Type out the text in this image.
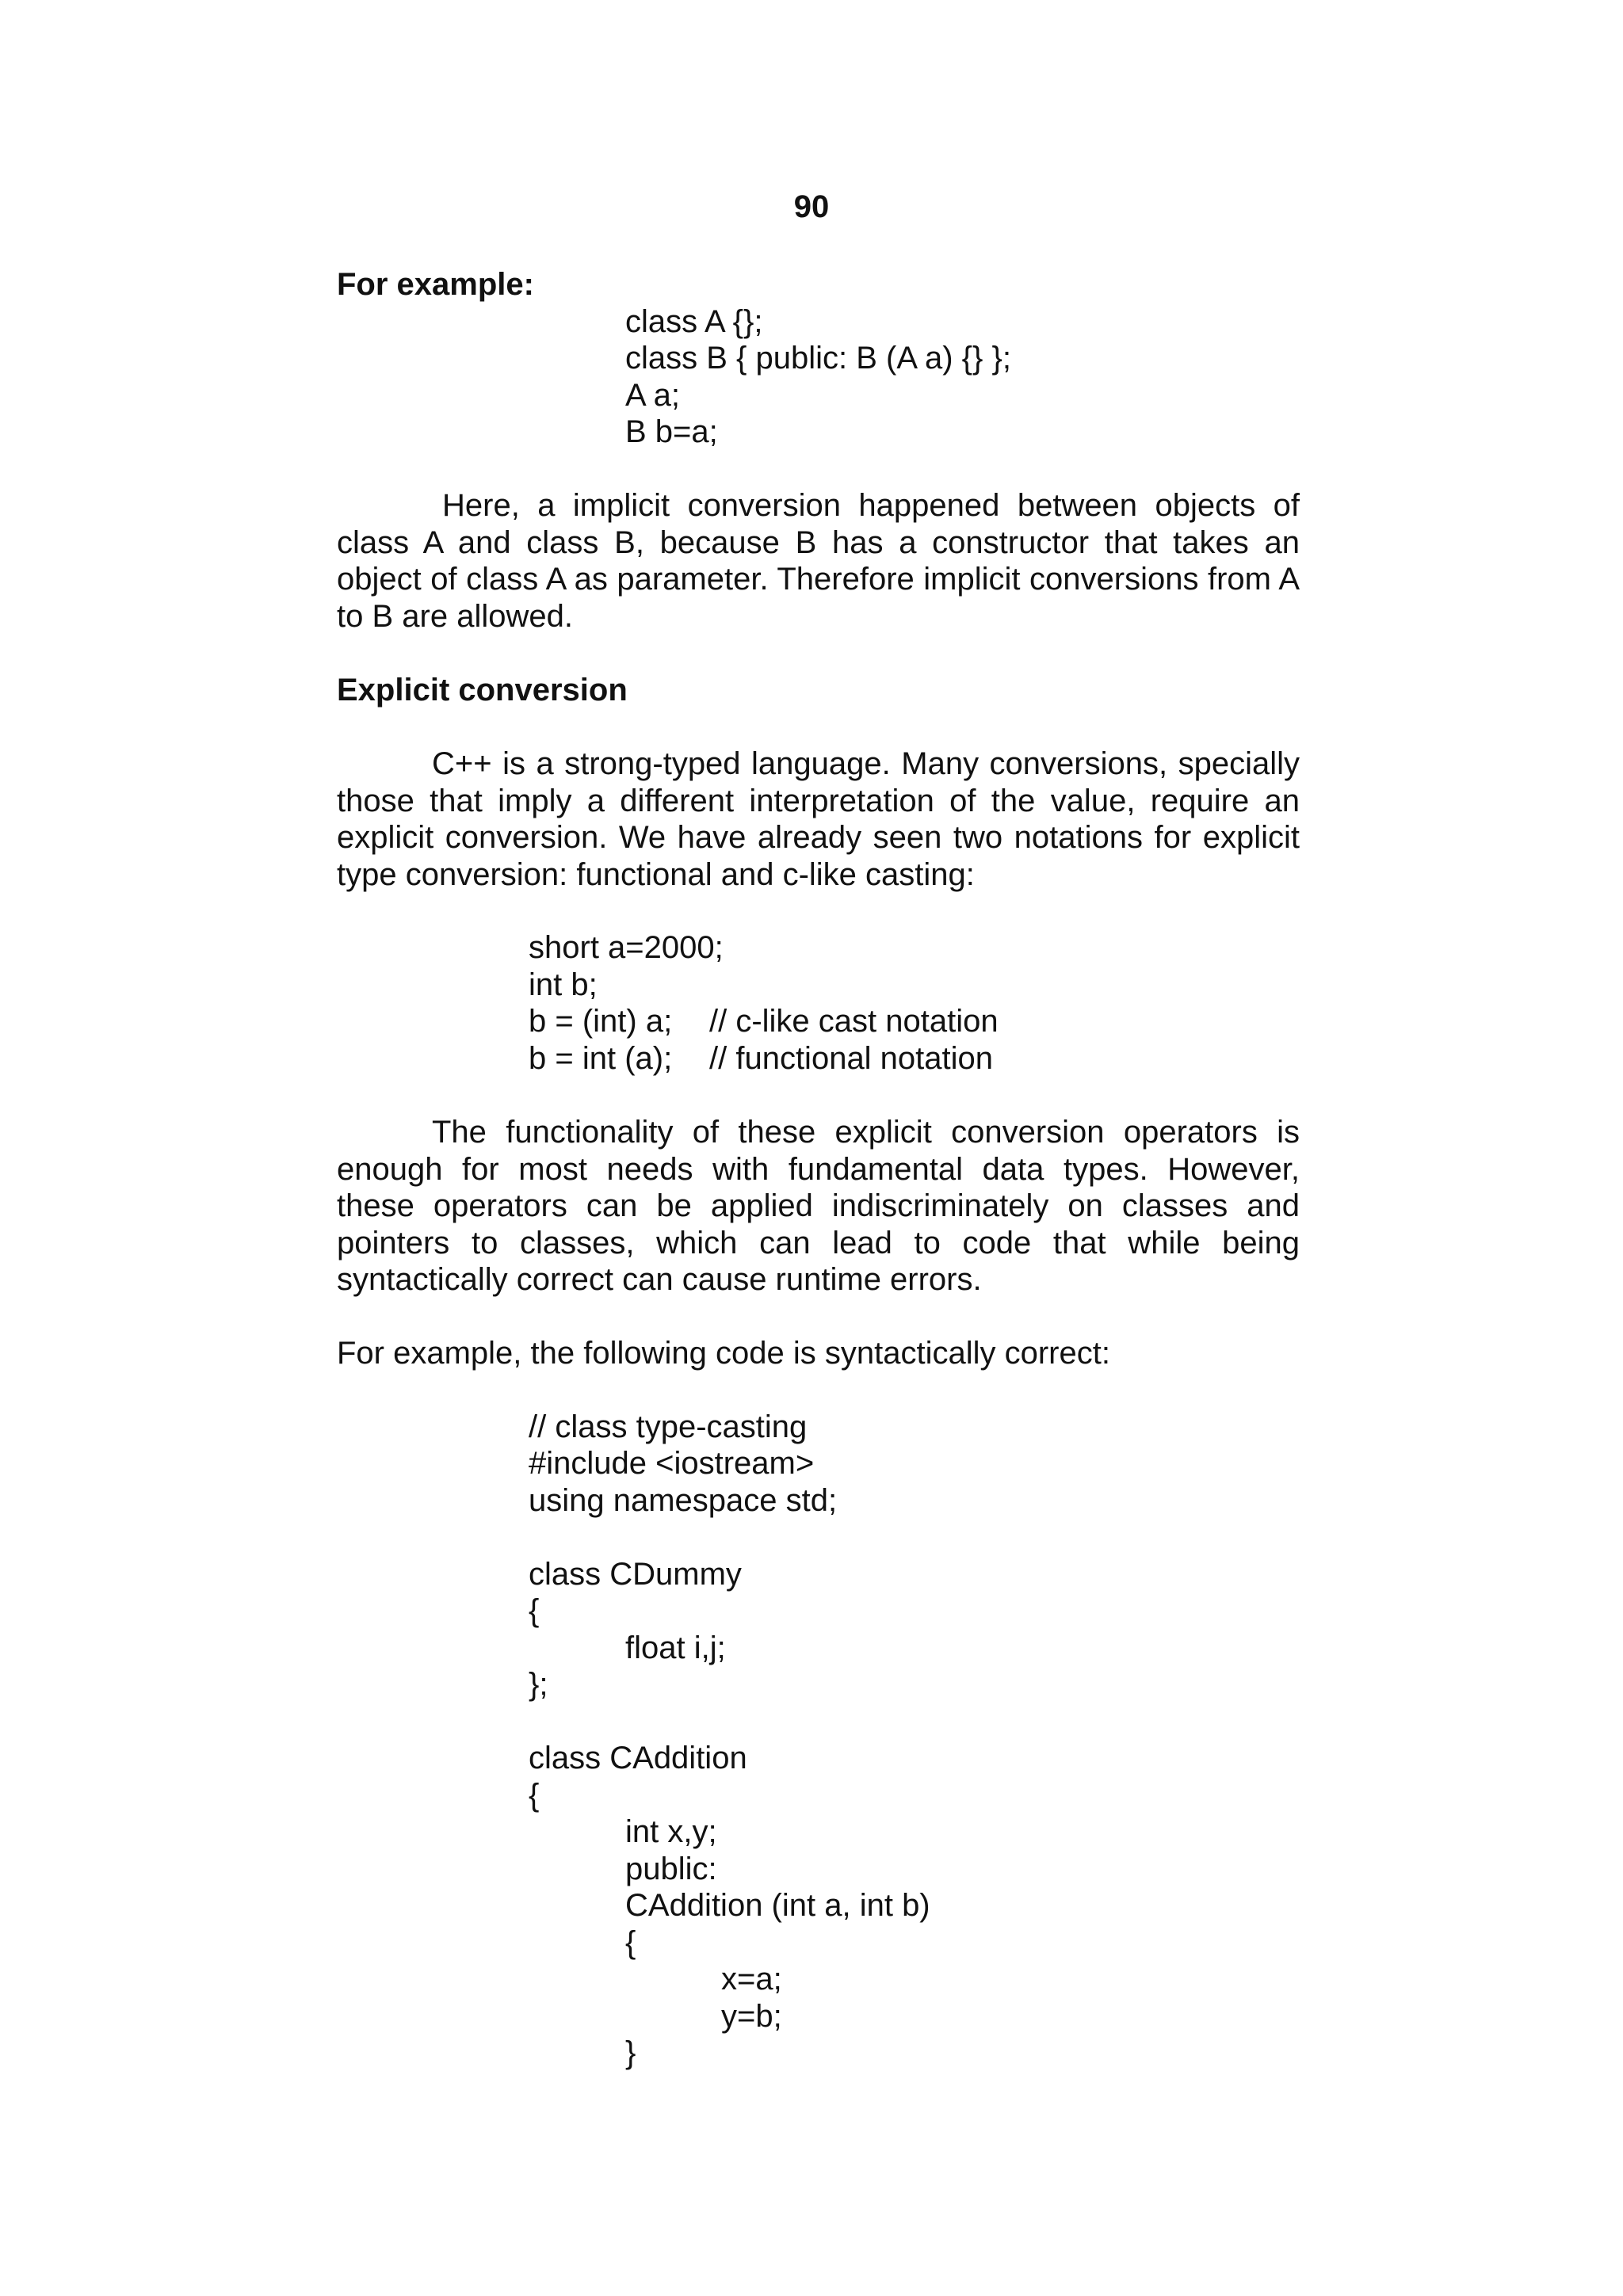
90
For example:
class A {};
class B { public: B (A a) {} };
A a;
B b=a;
Here, a implicit conversion happened between objects of class A and class B, because B has a constructor that takes an object of class A as parameter. Therefore implicit conversions from A to B are allowed.
Explicit conversion
C++ is a strong-typed language. Many conversions, specially those that imply a different interpretation of the value, require an explicit conversion. We have already seen two notations for explicit type conversion: functional and c-like casting:
short a=2000;
int b;
b = (int) a; // c-like cast notation
b = int (a); // functional notation
The functionality of these explicit conversion operators is enough for most needs with fundamental data types. However, these operators can be applied indiscriminately on classes and pointers to classes, which can lead to code that while being syntactically correct can cause runtime errors.
For example, the following code is syntactically correct:
// class type-casting
#include <iostream>
using namespace std;
class CDummy
{
float i,j;
};
class CAddition
{
int x,y;
public:
CAddition (int a, int b)
{
x=a;
y=b;
}
